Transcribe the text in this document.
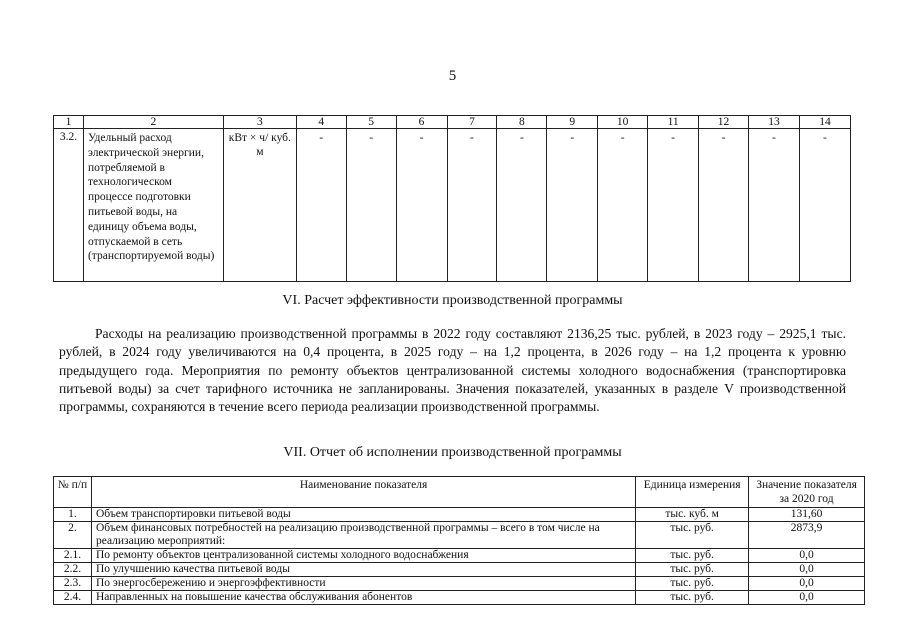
5
1	2	3	4	5	6	7	8	9	10	11	12	13	14
3.2.	Удельный расход электрической энергии, потребляемой в технологическом процессе подготовки питьевой воды, на единицу объема воды, отпускаемой в сеть (транспортируемой воды)	кВт × ч/ куб. м	-	-	-	-	-	-	-	-	-	-	-
VI. Расчет эффективности производственной программы

Расходы на реализацию производственной программы в 2022 году составляют 2136,25 тыс. рублей, в 2023 году – 2925,1 тыс. рублей, в 2024 году увеличиваются на 0,4 процента, в 2025 году – на 1,2 процента, в 2026 году – на 1,2 процента к уровню предыдущего года. Мероприятия по ремонту объектов централизованной системы холодного водоснабжения (транспортировка питьевой воды) за счет тарифного источника не запланированы. Значения показателей, указанных в разделе V производственной программы, сохраняются в течение всего периода реализации производственной программы.

VII. Отчет об исполнении производственной программы
№ п/п	Наименование показателя	Единица измерения	Значение показателя за 2020 год
1.	Объем транспортировки питьевой воды	тыс. куб. м	131,60
2.	Объем финансовых потребностей на реализацию производственной программы – всего в том числе на реализацию мероприятий:	тыс. руб.	2873,9
2.1.	По ремонту объектов централизованной системы холодного водоснабжения	тыс. руб.	0,0
2.2.	По улучшению качества питьевой воды	тыс. руб.	0,0
2.3.	По энергосбережению и энергоэффективности	тыс. руб.	0,0
2.4.	Направленных на повышение качества обслуживания абонентов	тыс. руб.	0,0
